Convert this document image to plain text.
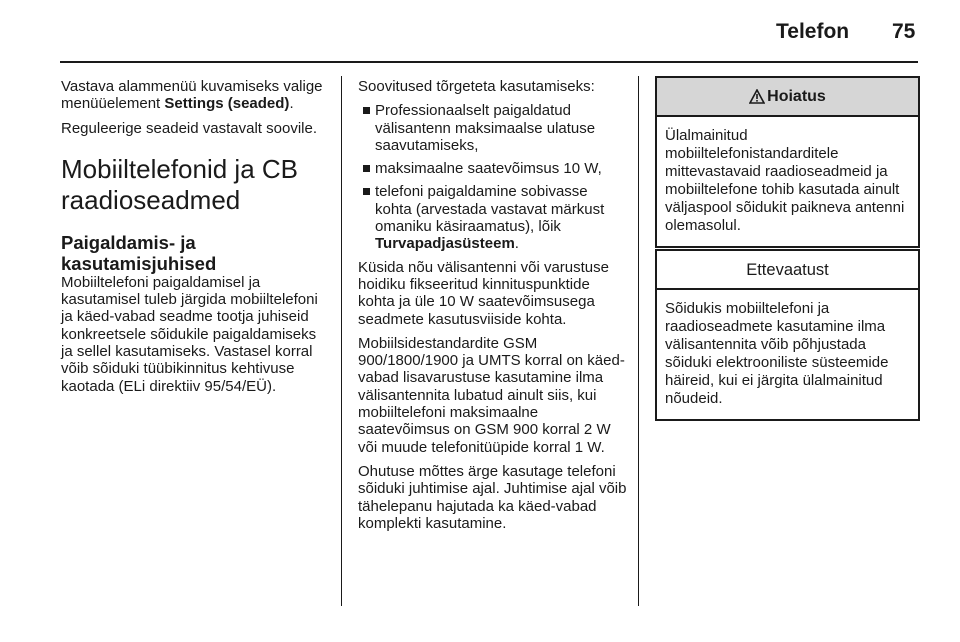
Telefon 75

Vastava alammenüü kuvamiseks valige menüüelement Settings (seaded).

Reguleerige seadeid vastavalt soovile.

Mobiiltelefonid ja CB raadioseadmed
Paigaldamis- ja kasutamisjuhised

Mobiiltelefoni paigaldamisel ja kasutamisel tuleb järgida mobiiltelefoni ja käed-vabad seadme tootja juhiseid konkreetsele sõidukile paigaldamiseks ja sellel kasutamiseks. Vastasel korral võib sõiduki tüübikinnitus kehtivuse kaotada (ELi direktiiv 95/54/EÜ).

Soovitused tõrgeteta kasutamiseks:

Professionaalselt paigaldatud välisantenn maksimaalse ulatuse saavutamiseks,
maksimaalne saatevõimsus 10 W,
telefoni paigaldamine sobivasse kohta (arvestada vastavat märkust omaniku käsiraamatus), lõik Turvapadjasüsteem.

Küsida nõu välisantenni või varustuse hoidiku fikseeritud kinnituspunktide kohta ja üle 10 W saatevõimsusega seadmete kasutusviiside kohta.

Mobiilsidestandardite GSM 900/1800/1900 ja UMTS korral on käed-vabad lisavarustuse kasutamine ilma välisantennita lubatud ainult siis, kui mobiiltelefoni maksimaalne saatevõimsus on GSM 900 korral 2 W või muude telefonitüüpide korral 1 W.

Ohutuse mõttes ärge kasutage telefoni sõiduki juhtimise ajal. Juhtimise ajal võib tähelepanu hajutada ka käed-vabad komplekti kasutamine.

Hoiatus
Ülalmainitud mobiiltelefonistandarditele mittevastavaid raadioseadmeid ja mobiiltelefone tohib kasutada ainult väljaspool sõidukit paikneva antenni olemasolul.
Ettevaatust
Sõidukis mobiiltelefoni ja raadioseadmete kasutamine ilma välisantennita võib põhjustada sõiduki elektrooniliste süsteemide häireid, kui ei järgita ülalmainitud nõudeid.
